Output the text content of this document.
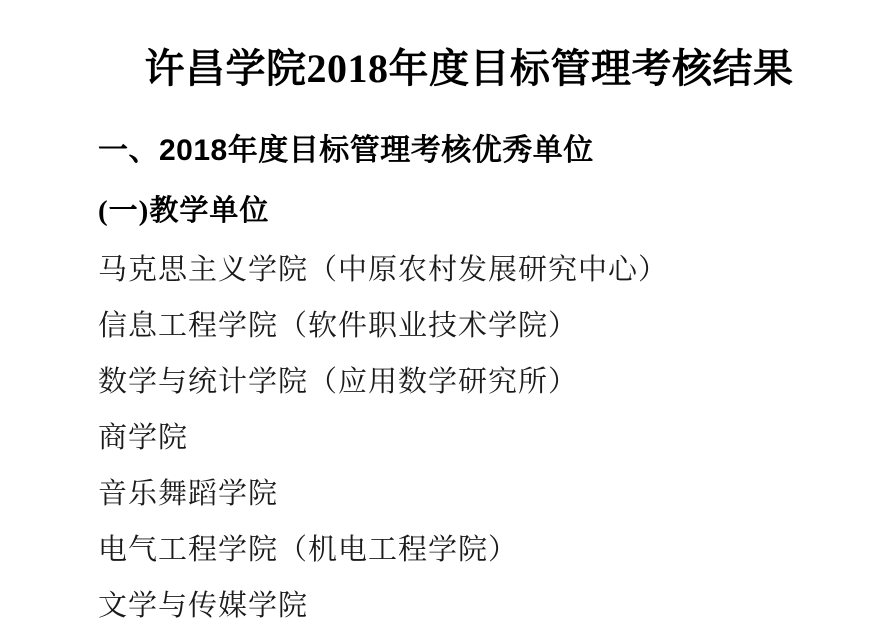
许昌学院2018年度目标管理考核结果
一、2018年度目标管理考核优秀单位
(一)教学单位
马克思主义学院（中原农村发展研究中心）
信息工程学院（软件职业技术学院）
数学与统计学院（应用数学研究所）
商学院
音乐舞蹈学院
电气工程学院（机电工程学院）
文学与传媒学院
